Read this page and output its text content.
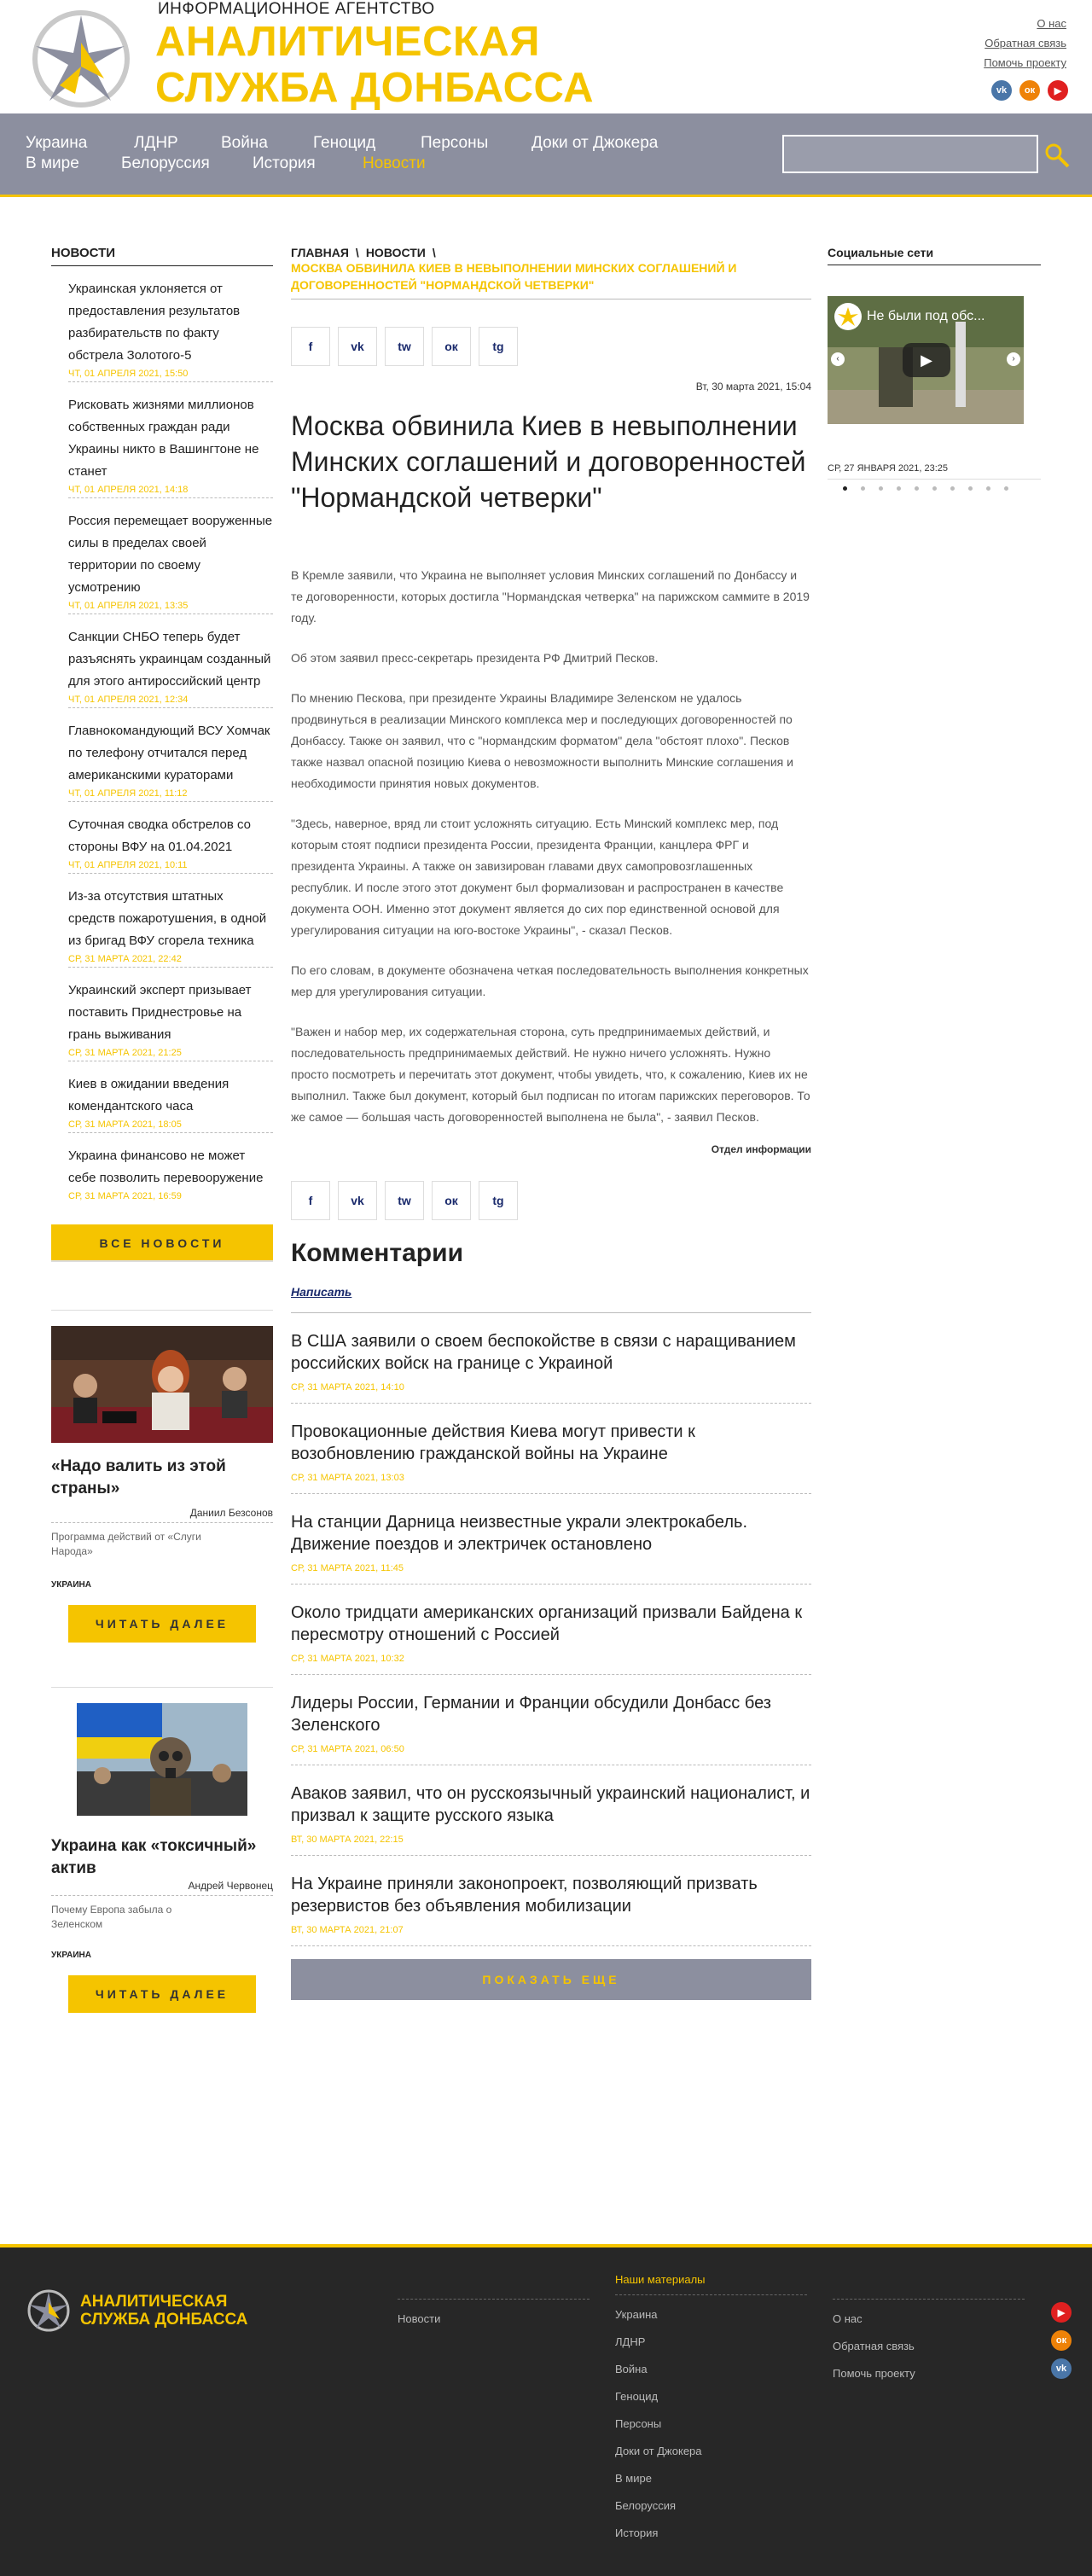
ИНФОРМАЦИОННОЕ АГЕНТСТВО
АНАЛИТИЧЕСКАЯ
СЛУЖБА ДОНБАССА
О нас
Обратная связь
Помочь проекту
vk	ок	▶
Украина	ЛДНР	Война	Геноцид	Персоны	Доки от Джокера
В мире	Белоруссия	История	Новости
НОВОСТИ
Украинская уклоняется от предоставления результатов разбирательств по факту обстрела Золотого-5
ЧТ, 01 АПРЕЛЯ 2021, 15:50
Рисковать жизнями миллионов собственных граждан ради Украины никто в Вашингтоне не станет
ЧТ, 01 АПРЕЛЯ 2021, 14:18
Россия перемещает вооруженные силы в пределах своей территории по своему усмотрению
ЧТ, 01 АПРЕЛЯ 2021, 13:35
Санкции СНБО теперь будет разъяснять украинцам созданный для этого антироссийский центр
ЧТ, 01 АПРЕЛЯ 2021, 12:34
Главнокомандующий ВСУ Хомчак по телефону отчитался перед американскими кураторами
ЧТ, 01 АПРЕЛЯ 2021, 11:12
Суточная сводка обстрелов со стороны ВФУ на 01.04.2021
ЧТ, 01 АПРЕЛЯ 2021, 10:11
Из-за отсутствия штатных средств пожаротушения, в одной из бригад ВФУ сгорела техника
СР, 31 МАРТА 2021, 22:42
Украинский эксперт призывает поставить Приднестровье на грань выживания
СР, 31 МАРТА 2021, 21:25
Киев в ожидании введения комендантского часа
СР, 31 МАРТА 2021, 18:05
Украина финансово не может себе позволить перевооружение
СР, 31 МАРТА 2021, 16:59
ВСЕ НОВОСТИ
«Надо валить из этой страны»
Даниил Безсонов
Программа действий от «Слуги Народа»
УКРАИНА
ЧИТАТЬ ДАЛЕЕ
Украина как «токсичный» актив
Андрей Червонец
Почему Европа забыла о Зеленском
УКРАИНА
ЧИТАТЬ ДАЛЕЕ
ГЛАВНАЯ \ НОВОСТИ \
МОСКВА ОБВИНИЛА КИЕВ В НЕВЫПОЛНЕНИИ МИНСКИХ СОГЛАШЕНИЙ И ДОГОВОРЕННОСТЕЙ "НОРМАНДСКОЙ ЧЕТВЕРКИ"
f	vk	tw	ок	tg
Вт, 30 марта 2021, 15:04
Москва обвинила Киев в невыполнении Минских соглашений и договоренностей "Нормандской четверки"

В Кремле заявили, что Украина не выполняет условия Минских соглашений по Донбассу и те договоренности, которых достигла "Нормандская четверка" на парижском саммите в 2019 году.

Об этом заявил пресс-секретарь президента РФ Дмитрий Песков.

По мнению Пескова, при президенте Украины Владимире Зеленском не удалось продвинуться в реализации Минского комплекса мер и последующих договоренностей по Донбассу. Также он заявил, что с "нормандским форматом" дела "обстоят плохо". Песков также назвал опасной позицию Киева о невозможности выполнить Минские соглашения и необходимости принятия новых документов.

"Здесь, наверное, вряд ли стоит усложнять ситуацию. Есть Минский комплекс мер, под которым стоят подписи президента России, президента Франции, канцлера ФРГ и президента Украины. А также он завизирован главами двух самопровозглашенных республик. И после этого этот документ был формализован и распространен в качестве документа ООН. Именно этот документ является до сих пор единственной основой для урегулирования ситуации на юго-востоке Украины", - сказал Песков.

По его словам, в документе обозначена четкая последовательность выполнения конкретных мер для урегулирования ситуации.

"Важен и набор мер, их содержательная сторона, суть предпринимаемых действий, и последовательность предпринимаемых действий. Не нужно ничего усложнять. Нужно просто посмотреть и перечитать этот документ, чтобы увидеть, что, к сожалению, Киев их не выполнил. Также был документ, который был подписан по итогам парижских переговоров. То же самое — большая часть договоренностей выполнена не была", - заявил Песков.

Отдел информации
f	vk	tw	ок	tg
Комментарии
Написать
В США заявили о своем беспокойстве в связи с наращиванием российских войск на границе с Украиной
СР, 31 МАРТА 2021, 14:10
Провокационные действия Киева могут привести к возобновлению гражданской войны на Украине
СР, 31 МАРТА 2021, 13:03
На станции Дарница неизвестные украли электрокабель. Движение поездов и электричек остановлено
СР, 31 МАРТА 2021, 11:45
Около тридцати американских организаций призвали Байдена к пересмотру отношений с Россией
СР, 31 МАРТА 2021, 10:32
Лидеры России, Германии и Франции обсудили Донбасс без Зеленского
СР, 31 МАРТА 2021, 06:50
Аваков заявил, что он русскоязычный украинский националист, и призвал к защите русского языка
ВТ, 30 МАРТА 2021, 22:15
На Украине приняли законопроект, позволяющий призвать резервистов без объявления мобилизации
ВТ, 30 МАРТА 2021, 21:07
ПОКАЗАТЬ ЕЩЕ
Социальные сети
Не были под обс...
▶
‹	›
СР, 27 ЯНВАРЯ 2021, 23:25
АНАЛИТИЧЕСКАЯ
СЛУЖБА ДОНБАССА	Новости
Наши материалы
Украина
ЛДНР
Война
Геноцид
Персоны
Доки от Джокера
В мире
Белоруссия
История
О нас
Обратная связь
Помочь проекту
▶
ок
vk
